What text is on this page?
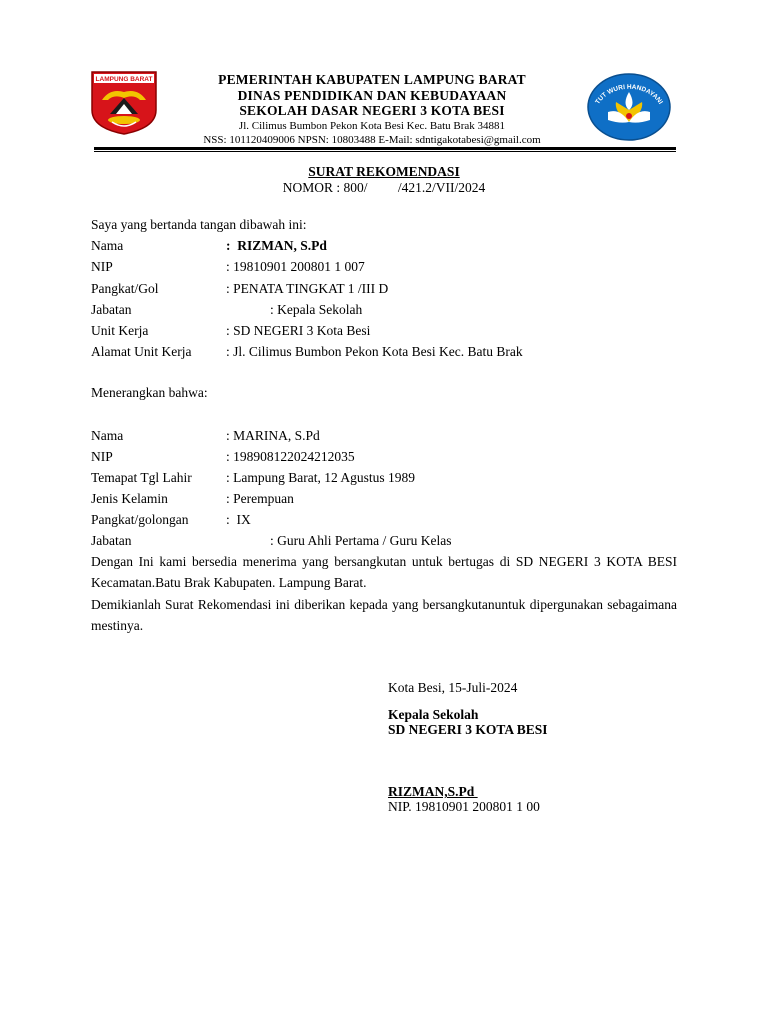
LAMPUNG BARAT	PEMERINTAH KABUPATEN LAMPUNG BARAT
DINAS PENDIDIKAN DAN KEBUDAYAAN
SEKOLAH DASAR NEGERI 3 KOTA BESI
Jl. Cilimus Bumbon Pekon Kota Besi Kec. Batu Brak 34881
NSS: 101120409006 NPSN: 10803488 E-Mail: sdntigakotabesi@gmail.com
TUT WURI HANDAYANI
SURAT REKOMENDASI
NOMOR : 800/         /421.2/VII/2024
Saya yang bertanda tangan dibawah ini:
Nama	:  RIZMAN, S.Pd
NIP	: 19810901 200801 1 007
Pangkat/Gol	: PENATA TINGKAT 1 /III D
Jabatan	: Kepala Sekolah
Unit Kerja	: SD NEGERI 3 Kota Besi
Alamat Unit Kerja	: Jl. Cilimus Bumbon Pekon Kota Besi Kec. Batu Brak
Menerangkan bahwa:
Nama	: MARINA, S.Pd
NIP	: 198908122024212035
Temapat Tgl Lahir	: Lampung Barat, 12 Agustus 1989
Jenis Kelamin	: Perempuan
Pangkat/golongan	:  IX
Jabatan	: Guru Ahli Pertama / Guru Kelas
Dengan Ini kami bersedia menerima yang bersangkutan untuk bertugas di SD NEGERI 3 KOTA BESI Kecamatan.Batu Brak Kabupaten. Lampung Barat.
Demikianlah Surat Rekomendasi ini diberikan kepada yang bersangkutanuntuk dipergunakan sebagaimana mestinya.
Kota Besi, 15-Juli-2024
Kepala Sekolah
SD NEGERI 3 KOTA BESI
RIZMAN,S.Pd
NIP. 19810901 200801 1 00
